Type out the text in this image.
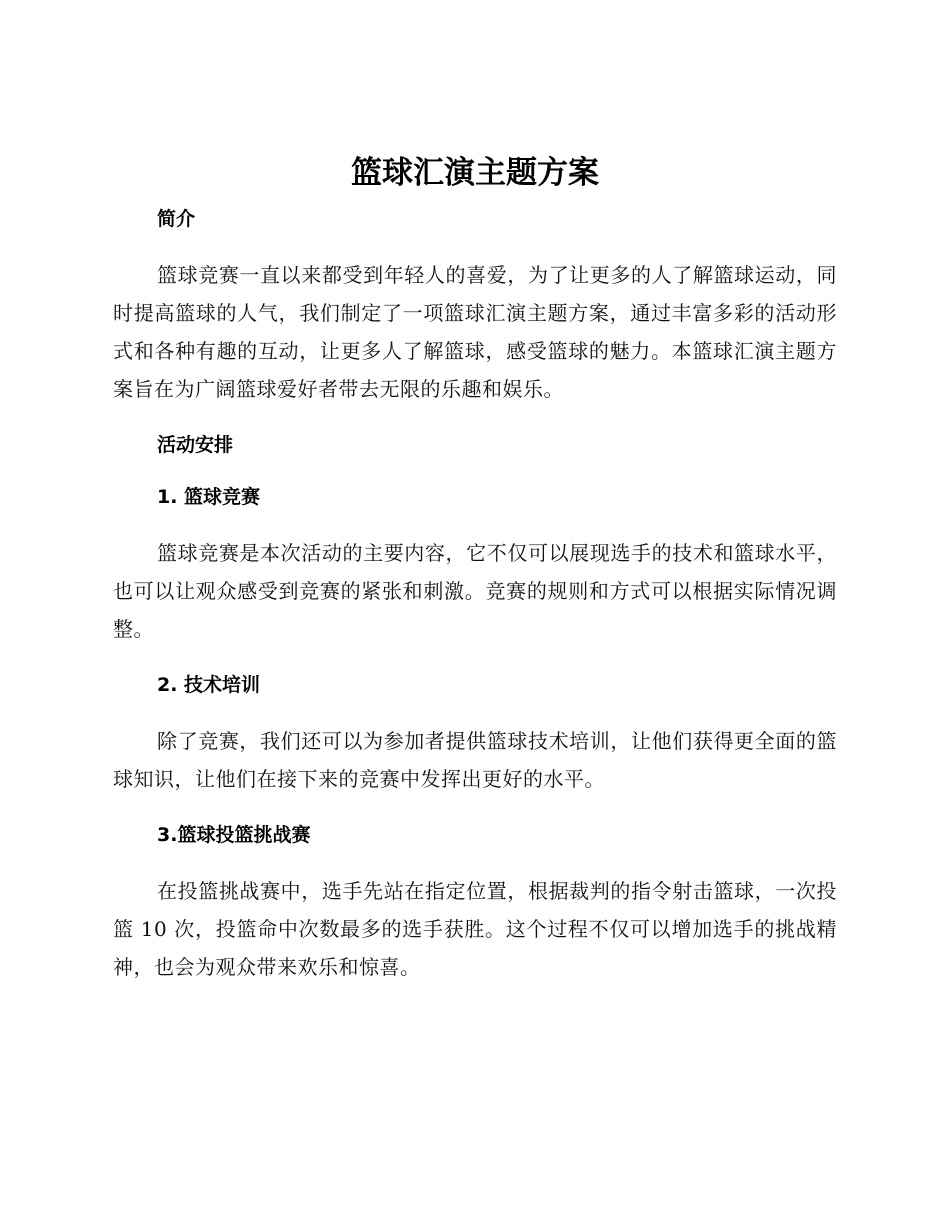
篮球汇演主题方案
简介

篮球竞赛一直以来都受到年轻人的喜爱，为了让更多的人了解篮球运动，同时提高篮球的人气，我们制定了一项篮球汇演主题方案，通过丰富多彩的活动形式和各种有趣的互动，让更多人了解篮球，感受篮球的魅力。本篮球汇演主题方案旨在为广阔篮球爱好者带去无限的乐趣和娱乐。

活动安排
1. 篮球竞赛

篮球竞赛是本次活动的主要内容，它不仅可以展现选手的技术和篮球水平，也可以让观众感受到竞赛的紧张和刺激。竞赛的规则和方式可以根据实际情况调整。

2. 技术培训

除了竞赛，我们还可以为参加者提供篮球技术培训，让他们获得更全面的篮球知识，让他们在接下来的竞赛中发挥出更好的水平。

3.篮球投篮挑战赛

在投篮挑战赛中，选手先站在指定位置，根据裁判的指令射击篮球，一次投篮 10 次，投篮命中次数最多的选手获胜。这个过程不仅可以增加选手的挑战精神，也会为观众带来欢乐和惊喜。
